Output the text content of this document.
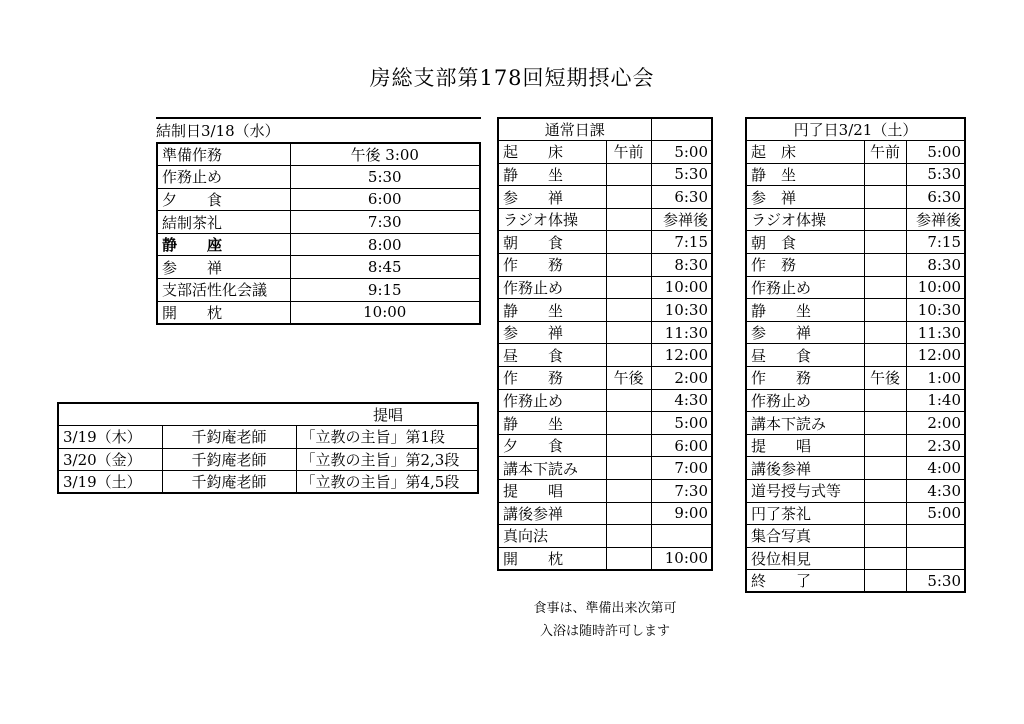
房総支部第178回短期摂心会
結制日3/18（水）
準備作務	午後 3:00
作務止め	5:30
夕　　食	6:00
結制茶礼	7:30
静　　座	8:00
参　　禅	8:45
支部活性化会議	9:15
開　　枕	10:00
提唱		
3/19（木）	千鈞庵老師	「立教の主旨」第1段
3/20（金）	千鈞庵老師	「立教の主旨」第2,3段
3/19（土）	千鈞庵老師	「立教の主旨」第4,5段
通常日課		
起　　床	午前	5:00
静　　坐		5:30
参　　禅		6:30
ラジオ体操		参禅後
朝　　食		7:15
作　　務		8:30
作務止め		10:00
静　　坐		10:30
参　　禅		11:30
昼　　食		12:00
作　　務	午後	2:00
作務止め		4:30
静　　坐		5:00
夕　　食		6:00
講本下読み		7:00
提　　唱		7:30
講後参禅		9:00
真向法		
開　　枕		10:00
食事は、準備出来次第可
入浴は随時許可します
円了日3/21（土）		
起　床	午前	5:00
静　坐		5:30
参　禅		6:30
ラジオ体操		参禅後
朝　食		7:15
作　務		8:30
作務止め		10:00
静　　坐		10:30
参　　禅		11:30
昼　　食		12:00
作　　務	午後	1:00
作務止め		1:40
講本下読み		2:00
提　　唱		2:30
講後参禅		4:00
道号授与式等		4:30
円了茶礼		5:00
集合写真		
役位相見		
終　　了		5:30
